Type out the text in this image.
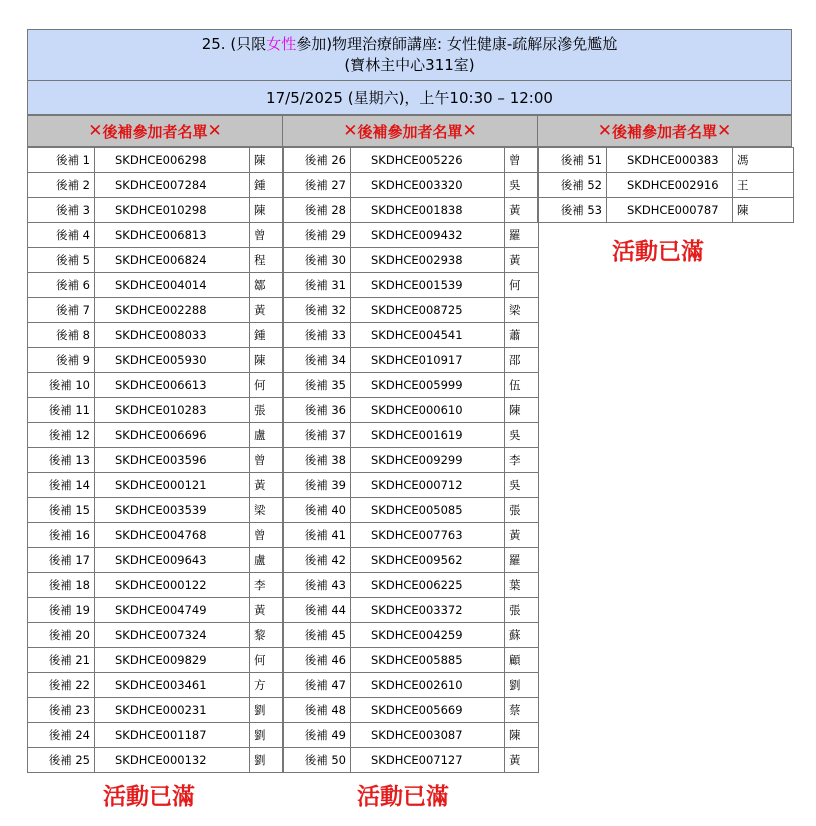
25. (只限女性參加)物理治療師講座: 女性健康-疏解尿滲免尷尬
(寶林主中心311室)
17/5/2025 (星期六)，上午10:30 – 12:00
✕ 後補參加者名單 ✕	✕ 後補參加者名單 ✕	✕ 後補參加者名單 ✕
後補 1	SKDHCE006298	陳
後補 2	SKDHCE007284	鍾
後補 3	SKDHCE010298	陳
後補 4	SKDHCE006813	曾
後補 5	SKDHCE006824	程
後補 6	SKDHCE004014	鄒
後補 7	SKDHCE002288	黃
後補 8	SKDHCE008033	鍾
後補 9	SKDHCE005930	陳
後補 10	SKDHCE006613	何
後補 11	SKDHCE010283	張
後補 12	SKDHCE006696	盧
後補 13	SKDHCE003596	曾
後補 14	SKDHCE000121	黃
後補 15	SKDHCE003539	梁
後補 16	SKDHCE004768	曾
後補 17	SKDHCE009643	盧
後補 18	SKDHCE000122	李
後補 19	SKDHCE004749	黃
後補 20	SKDHCE007324	黎
後補 21	SKDHCE009829	何
後補 22	SKDHCE003461	方
後補 23	SKDHCE000231	劉
後補 24	SKDHCE001187	劉
後補 25	SKDHCE000132	劉
後補 26	SKDHCE005226	曾
後補 27	SKDHCE003320	吳
後補 28	SKDHCE001838	黃
後補 29	SKDHCE009432	羅
後補 30	SKDHCE002938	黃
後補 31	SKDHCE001539	何
後補 32	SKDHCE008725	梁
後補 33	SKDHCE004541	蕭
後補 34	SKDHCE010917	邵
後補 35	SKDHCE005999	伍
後補 36	SKDHCE000610	陳
後補 37	SKDHCE001619	吳
後補 38	SKDHCE009299	李
後補 39	SKDHCE000712	吳
後補 40	SKDHCE005085	張
後補 41	SKDHCE007763	黃
後補 42	SKDHCE009562	羅
後補 43	SKDHCE006225	葉
後補 44	SKDHCE003372	張
後補 45	SKDHCE004259	蘇
後補 46	SKDHCE005885	顧
後補 47	SKDHCE002610	劉
後補 48	SKDHCE005669	蔡
後補 49	SKDHCE003087	陳
後補 50	SKDHCE007127	黃
後補 51	SKDHCE000383	馮
後補 52	SKDHCE002916	王
後補 53	SKDHCE000787	陳
活動已滿	活動已滿
活動已滿
